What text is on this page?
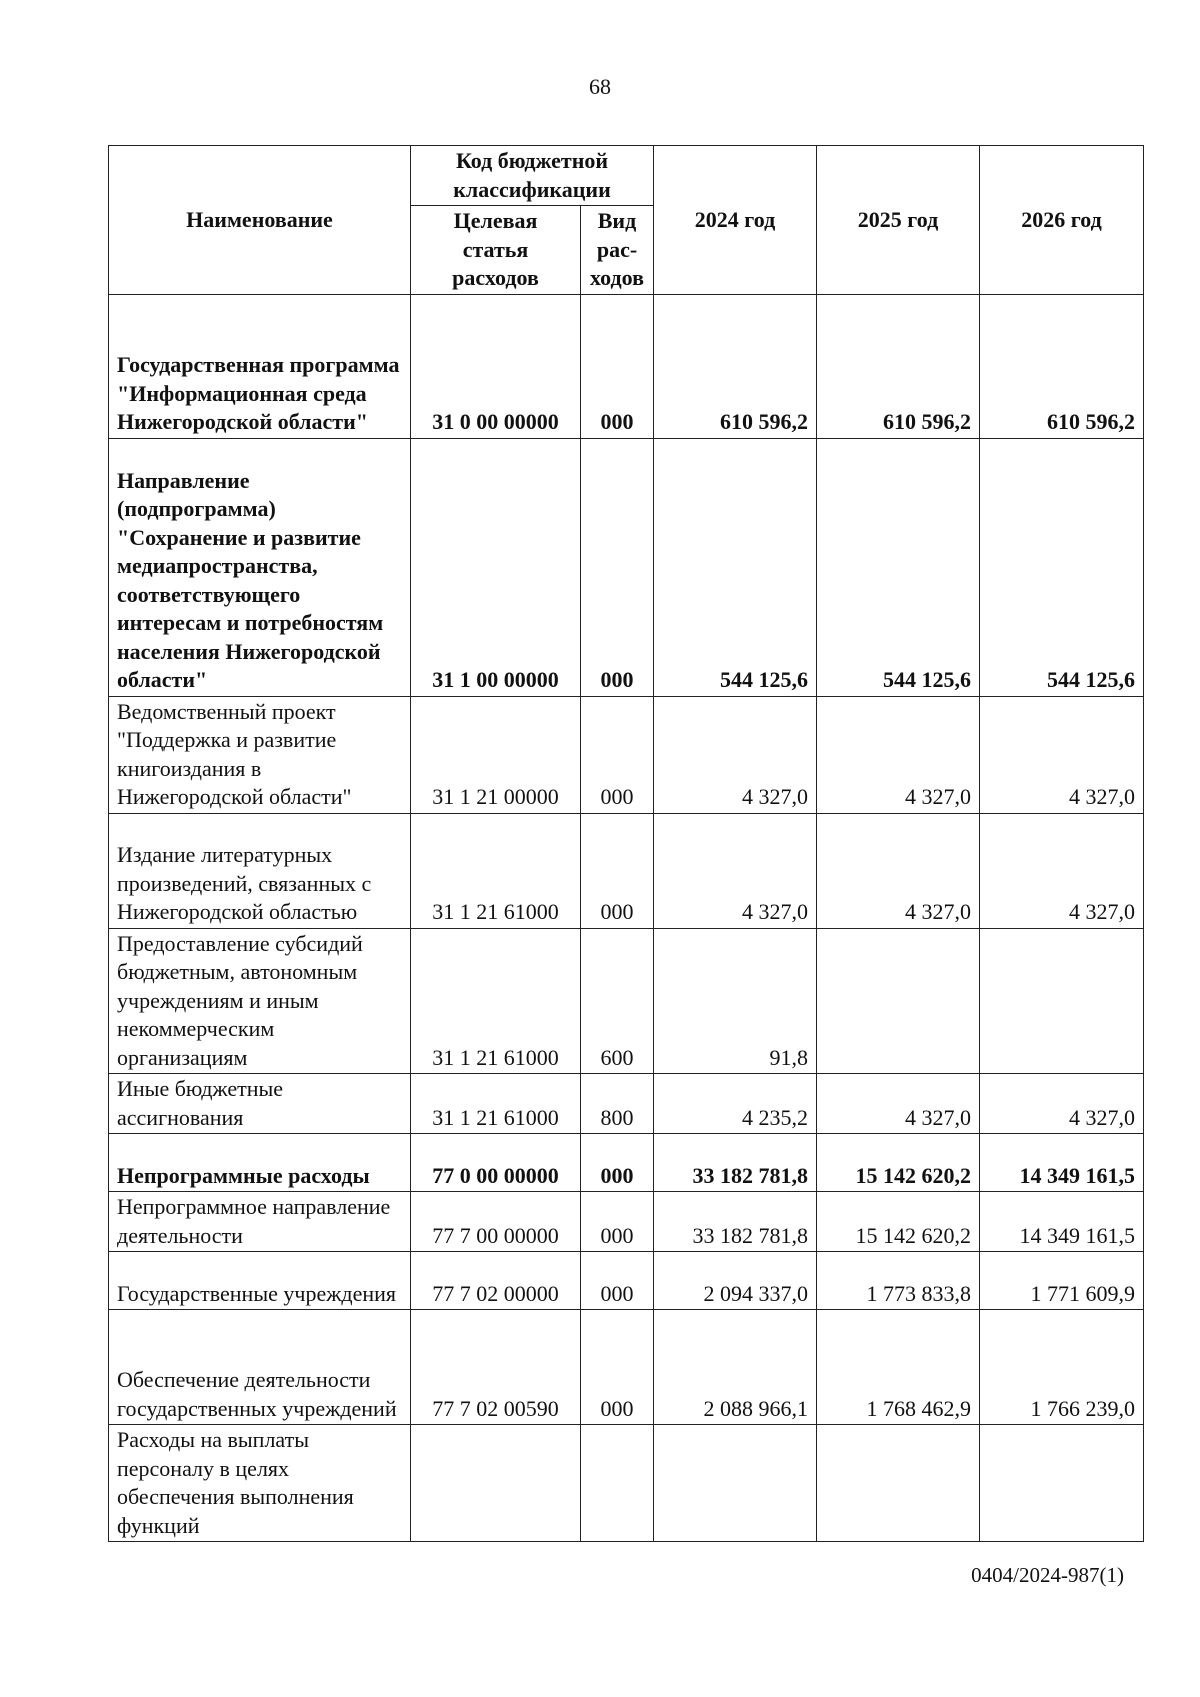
68
Наименование	Код бюджетной классификации		2024 год	2025 год	2026 год
	Целевая статья расходов	Вид рас-ходов			
Государственная программа "Информационная среда Нижегородской области"	31 0 00 00000	000	610 596,2	610 596,2	610 596,2
Направление (подпрограмма) "Сохранение и развитие медиапространства, соответствующего интересам и потребностям населения Нижегородской области"	31 1 00 00000	000	544 125,6	544 125,6	544 125,6
Ведомственный проект "Поддержка и развитие книгоиздания в Нижегородской области"	31 1 21 00000	000	4 327,0	4 327,0	4 327,0
Издание литературных произведений, связанных с Нижегородской областью	31 1 21 61000	000	4 327,0	4 327,0	4 327,0
Предоставление субсидий бюджетным, автономным учреждениям и иным некоммерческим организациям	31 1 21 61000	600	91,8		
Иные бюджетные ассигнования	31 1 21 61000	800	4 235,2	4 327,0	4 327,0
Непрограммные расходы	77 0 00 00000	000	33 182 781,8	15 142 620,2	14 349 161,5
Непрограммное направление деятельности	77 7 00 00000	000	33 182 781,8	15 142 620,2	14 349 161,5
Государственные учреждения	77 7 02 00000	000	2 094 337,0	1 773 833,8	1 771 609,9
Обеспечение деятельности государственных учреждений	77 7 02 00590	000	2 088 966,1	1 768 462,9	1 766 239,0
Расходы на выплаты персоналу в целях обеспечения выполнения функций					
0404/2024-987(1)
